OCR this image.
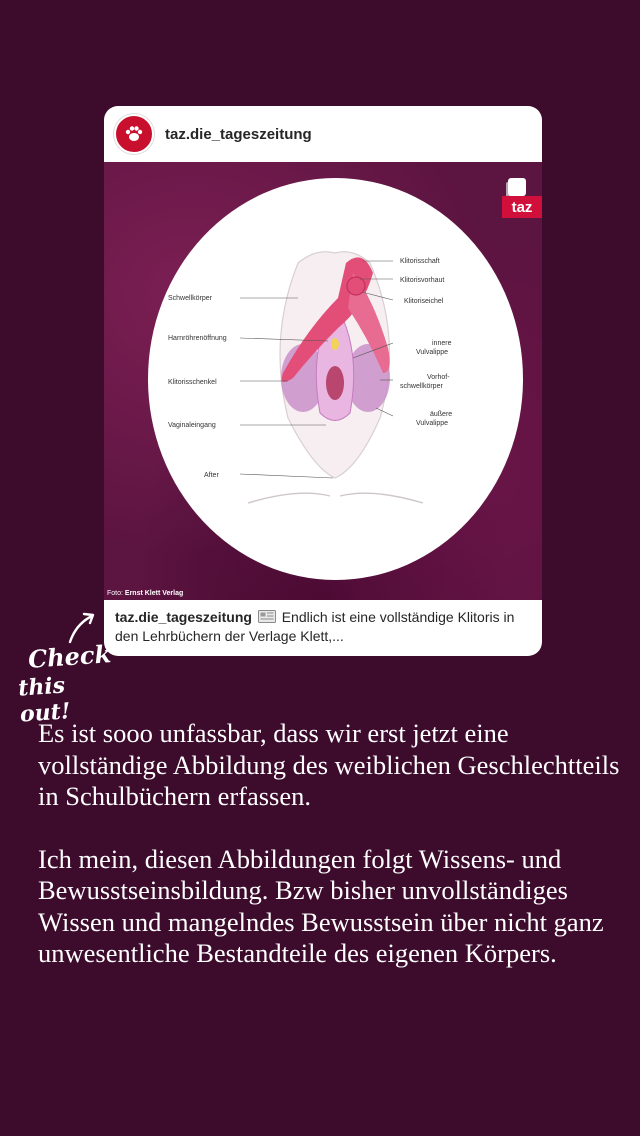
taz.die_tageszeitung
taz
Schwellkörper
Harnröhrenöffnung
Klitorisschenkel
Vaginaleingang
After
Klitorisschaft
Klitorisvorhaut
Klitoriseichel
innere
Vulvalippe
Vorhof-
schwellkörper
äußere
Vulvalippe
Foto: Ernst Klett Verlag
taz.die_tageszeitung Endlich ist eine vollständige Klitoris in den Lehrbüchern der Verlage Klett,...
Check
this out!

Es ist sooo unfassbar, dass wir erst jetzt eine vollständige Abbildung des weiblichen Geschlechtteils in Schulbüchern erfassen.

Ich mein, diesen Abbildungen folgt Wissens- und Bewusstseinsbildung. Bzw bisher unvollständiges Wissen und mangelndes Bewusstsein über nicht ganz unwesentliche Bestandteile des eigenen Körpers.
